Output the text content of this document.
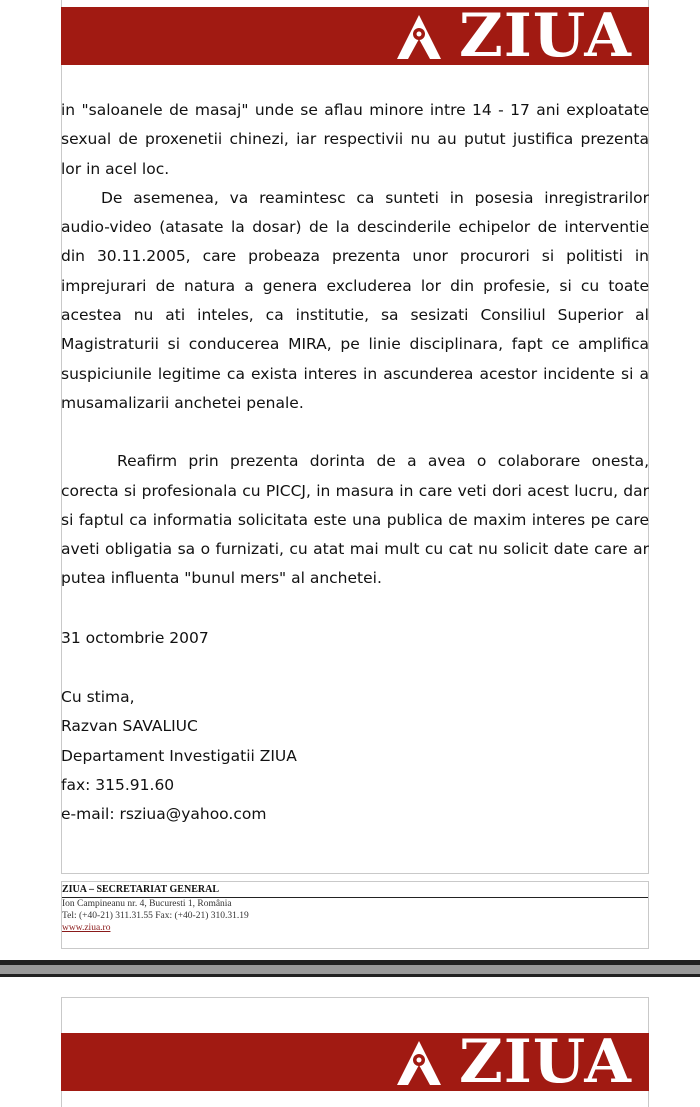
ZIUA

in "saloanele de masaj" unde se aflau minore intre 14 - 17 ani exploatate sexual de proxenetii chinezi, iar respectivii nu au putut justifica prezenta lor in acel loc.

De asemenea, va reamintesc ca sunteti in posesia inregistrarilor audio-video (atasate la dosar) de la descinderile echipelor de interventie din 30.11.2005, care probeaza prezenta unor procurori si politisti in imprejurari de natura a genera excluderea lor din profesie, si cu toate acestea nu ati inteles, ca institutie, sa sesizati Consiliul Superior al Magistraturii si conducerea MIRA, pe linie disciplinara, fapt ce amplifica suspiciunile legitime ca exista interes in ascunderea acestor incidente si a musamalizarii anchetei penale.

Reafirm prin prezenta dorinta de a avea o colaborare onesta, corecta si profesionala cu PICCJ, in masura in care veti dori acest lucru, dar si faptul ca informatia solicitata este una publica de maxim interes pe care aveti obligatia sa o furnizati, cu atat mai mult cu cat nu solicit date care ar putea influenta "bunul mers" al anchetei.

31 octombrie 2007
Cu stima,
Razvan SAVALIUC
Departament Investigatii ZIUA
fax: 315.91.60
e-mail: rsziua@yahoo.com
ZIUA – SECRETARIAT GENERAL
Ion Campineanu nr. 4, Bucuresti 1, România
Tel: (+40-21) 311.31.55 Fax: (+40-21) 310.31.19
www.ziua.ro
ZIUA
